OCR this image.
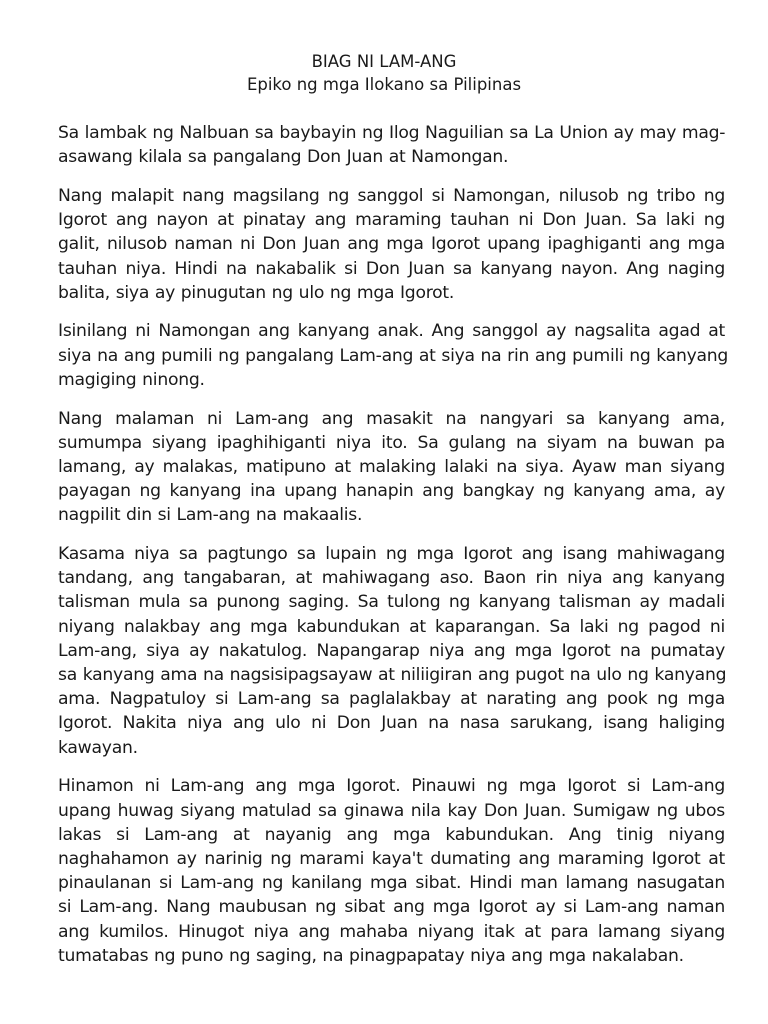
BIAG NI LAM-ANG
Epiko ng mga Ilokano sa Pilipinas
Sa lambak ng Nalbuan sa baybayin ng Ilog Naguilian sa La Union ay may mag-
asawang kilala sa pangalang Don Juan at Namongan.
Nang malapit nang magsilang ng sanggol si Namongan, nilusob ng tribo ng
Igorot ang nayon at pinatay ang maraming tauhan ni Don Juan. Sa laki ng
galit, nilusob naman ni Don Juan ang mga Igorot upang ipaghiganti ang mga
tauhan niya. Hindi na nakabalik si Don Juan sa kanyang nayon. Ang naging
balita, siya ay pinugutan ng ulo ng mga Igorot.
Isinilang ni Namongan ang kanyang anak. Ang sanggol ay nagsalita agad at
siya na ang pumili ng pangalang Lam-ang at siya na rin ang pumili ng kanyang
magiging ninong.
Nang malaman ni Lam-ang ang masakit na nangyari sa kanyang ama,
sumumpa siyang ipaghihiganti niya ito. Sa gulang na siyam na buwan pa
lamang, ay malakas, matipuno at malaking lalaki na siya. Ayaw man siyang
payagan ng kanyang ina upang hanapin ang bangkay ng kanyang ama, ay
nagpilit din si Lam-ang na makaalis.
Kasama niya sa pagtungo sa lupain ng mga Igorot ang isang mahiwagang
tandang, ang tangabaran, at mahiwagang aso. Baon rin niya ang kanyang
talisman mula sa punong saging. Sa tulong ng kanyang talisman ay madali
niyang nalakbay ang mga kabundukan at kaparangan. Sa laki ng pagod ni
Lam-ang, siya ay nakatulog. Napangarap niya ang mga Igorot na pumatay
sa kanyang ama na nagsisipagsayaw at niliigiran ang pugot na ulo ng kanyang
ama. Nagpatuloy si Lam-ang sa paglalakbay at narating ang pook ng mga
Igorot. Nakita niya ang ulo ni Don Juan na nasa sarukang, isang haliging
kawayan.
Hinamon ni Lam-ang ang mga Igorot. Pinauwi ng mga Igorot si Lam-ang
upang huwag siyang matulad sa ginawa nila kay Don Juan. Sumigaw ng ubos
lakas si Lam-ang at nayanig ang mga kabundukan. Ang tinig niyang
naghahamon ay narinig ng marami kaya't dumating ang maraming Igorot at
pinaulanan si Lam-ang ng kanilang mga sibat. Hindi man lamang nasugatan
si Lam-ang. Nang maubusan ng sibat ang mga Igorot ay si Lam-ang naman
ang kumilos. Hinugot niya ang mahaba niyang itak at para lamang siyang
tumatabas ng puno ng saging, na pinagpapatay niya ang mga nakalaban.
